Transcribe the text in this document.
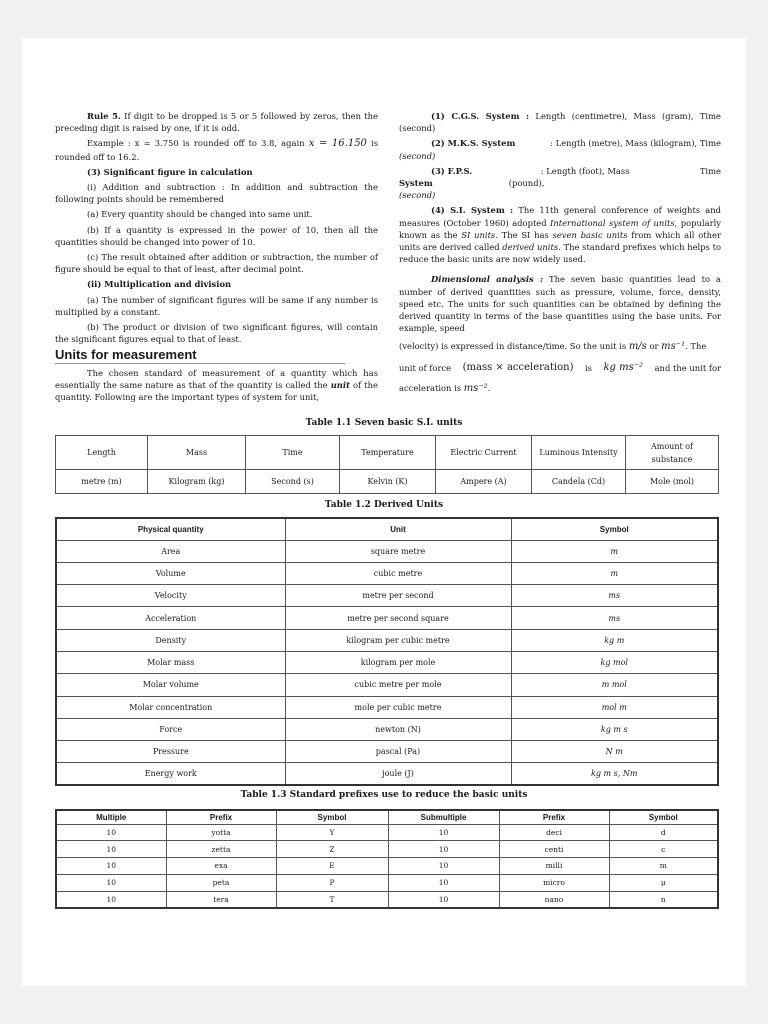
Rule 5. If digit to be dropped is 5 or 5 followed by zeros, then the preceding digit is raised by one, if it is odd.

Example : x = 3.750 is rounded off to 3.8, again x = 16.150 is rounded off to 16.2.

(3) Significant figure in calculation

(i) Addition and subtraction : In addition and subtraction the following points should be remembered

(a) Every quantity should be changed into same unit.

(b) If a quantity is expressed in the power of 10, then all the quantities should be changed into power of 10.

(c) The result obtained after addition or subtraction, the number of figure should be equal to that of least, after decimal point.

(ii) Multiplication and division

(a) The number of significant figures will be same if any number is multiplied by a constant.

(b) The product or division of two significant figures, will contain the significant figures equal to that of least.

Units for measurement

The chosen standard of measurement of a quantity which has essentially the same nature as that of the quantity is called the unit of the quantity. Following are the important types of system for unit,

(1) C.G.S. System : Length (centimetre), Mass (gram), Time (second)

(2) M.K.S. System	: Length (metre), Mass (kilogram), Time

(second)

(3) F.P.S. System
: Length (foot), Mass (pound),
Time

(second)

(4) S.I. System : The 11th general conference of weights and measures (October 1960) adopted International system of units, popularly known as the SI units. The SI has seven basic units from which all other units are derived called derived units. The standard prefixes which helps to reduce the basic units are now widely used.

Dimensional analysis : The seven basic quantities lead to a number of derived quantities such as pressure, volume, force, density, speed etc. The units for such quantities can be obtained by defining the derived quantity in terms of the base quantities using the base units. For example, speed

(velocity) is expressed in distance/time. So the unit is m/s or ms⁻¹. The

unit of force (mass × acceleration) is kg ms⁻² and the unit for

acceleration is ms⁻².

Table 1.1 Seven basic S.I. units
Length	Mass	Time	Temperature	Electric Current	Luminous Intensity	Amount of substance
metre (m)	Kilogram (kg)	Second (s)	Kelvin (K)	Ampere (A)	Candela (Cd)	Mole (mol)
Table 1.2 Derived Units
Physical quantity	Unit	Symbol
Area	square metre	m
Volume	cubic metre	m
Velocity	metre per second	ms
Acceleration	metre per second square	ms
Density	kilogram per cubic metre	kg m
Molar mass	kilogram per mole	kg mol
Molar volume	cubic metre per mole	m mol
Molar concentration	mole per cubic metre	mol m
Force	newton (N)	kg m s
Pressure	pascal (Pa)	N m
Energy work	joule (J)	kg m s, Nm
Table 1.3 Standard prefixes use to reduce the basic units
Multiple	Prefix	Symbol	Submultiple	Prefix	Symbol
10	yotta	Y	10	deci	d
10	zetta	Z	10	centi	c
10	exa	E	10	milli	m
10	peta	P	10	micro	μ
10	tera	T	10	nano	n
